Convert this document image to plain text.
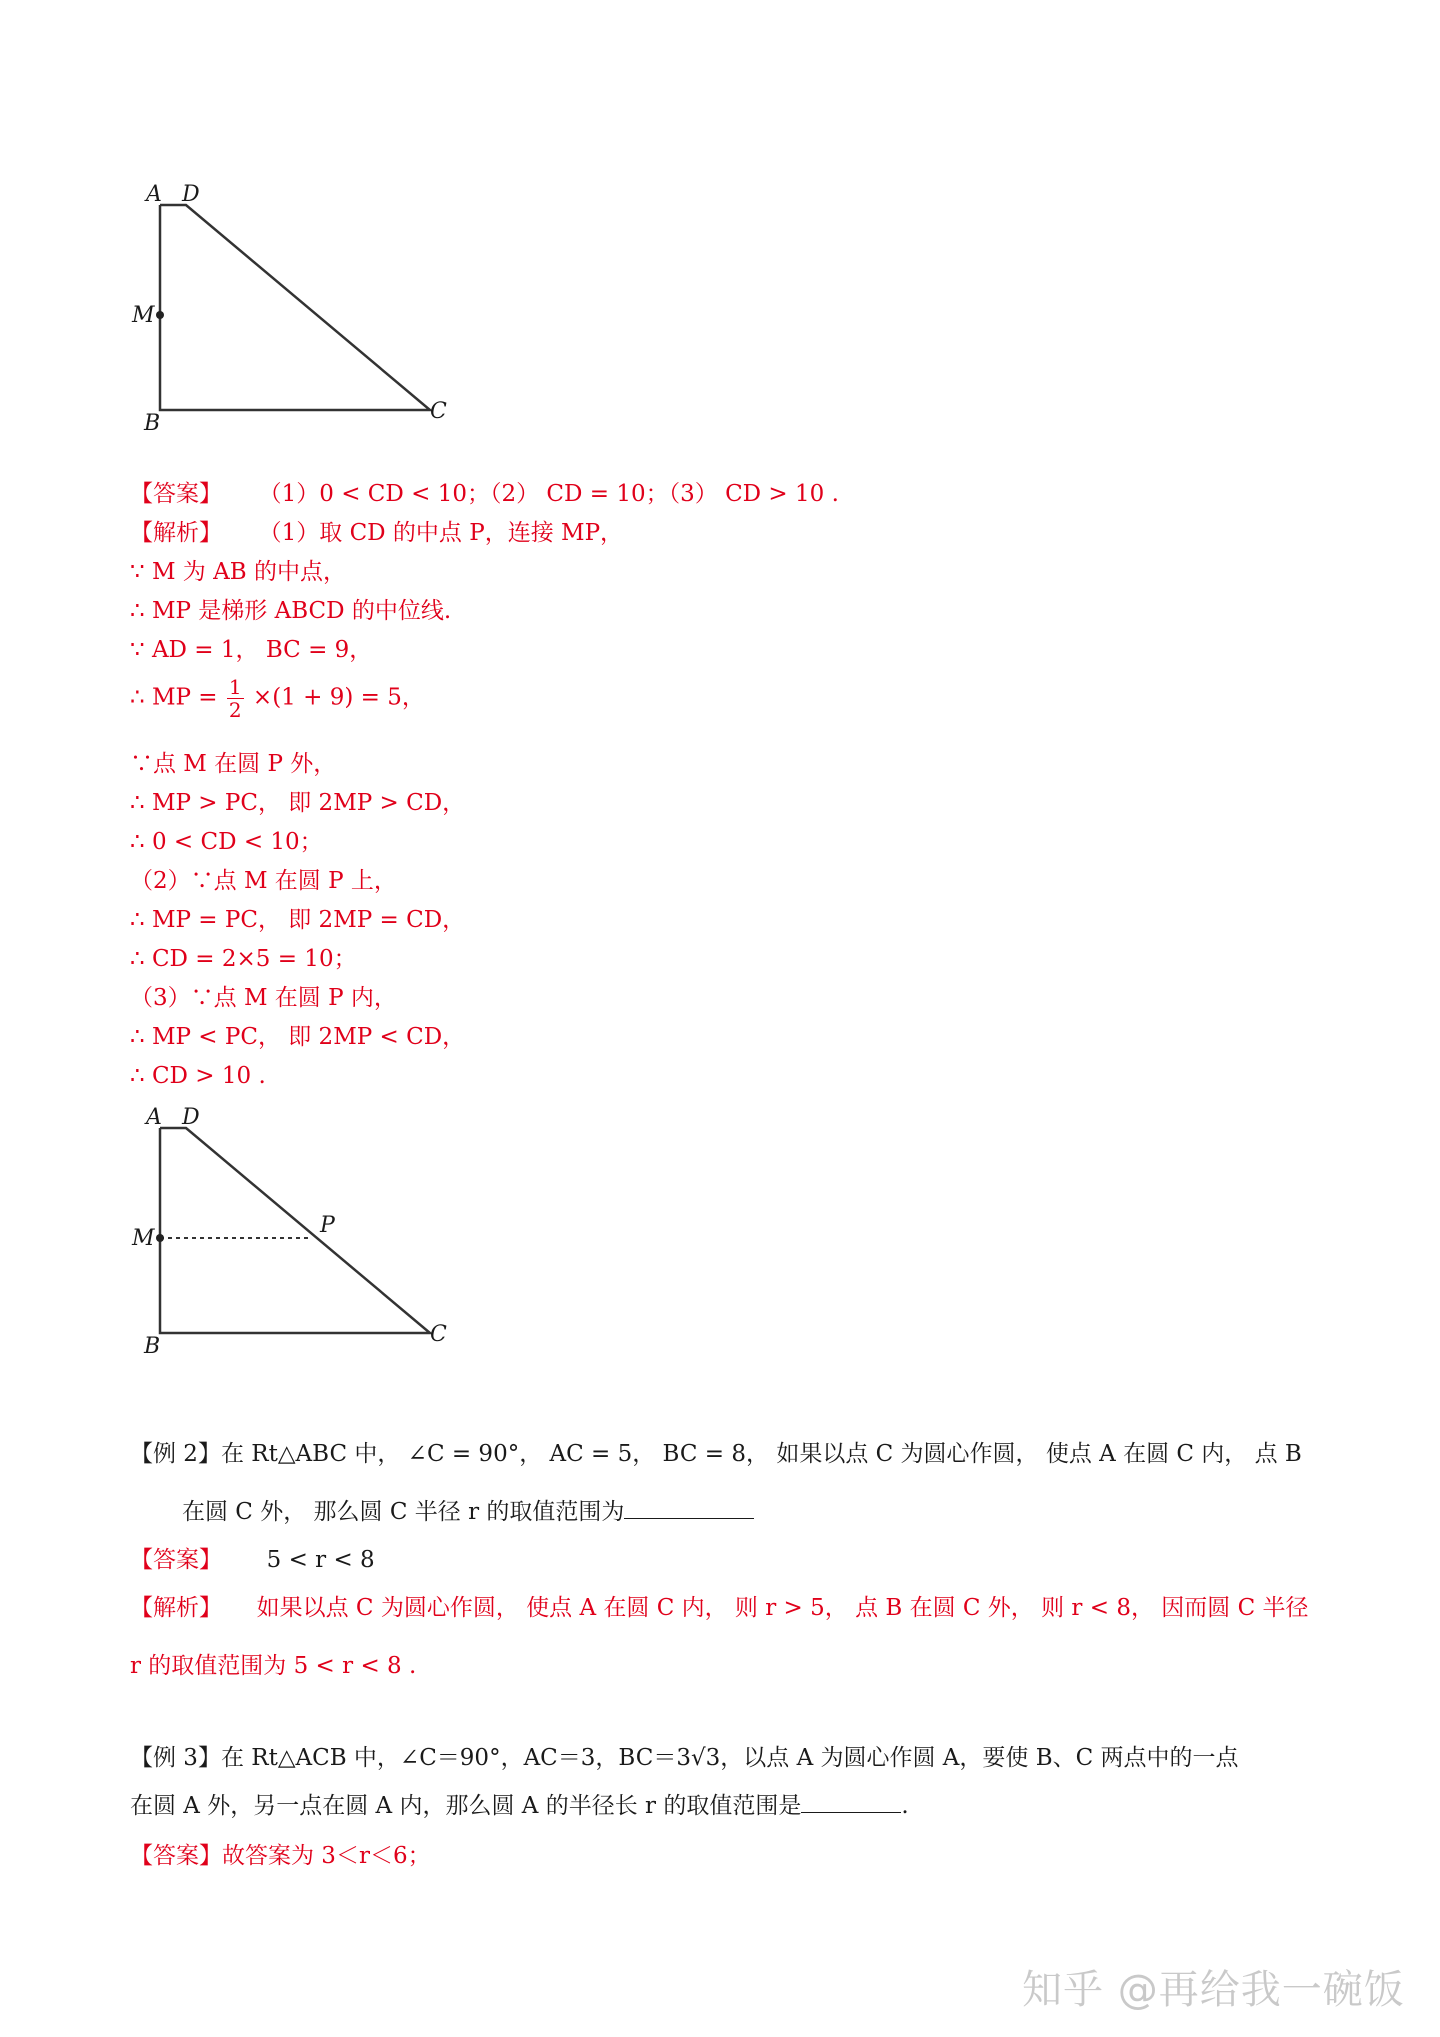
A D
M
B	C
【答案】 （1）0 < CD < 10；（2） CD = 10；（3） CD > 10 .
【解析】 （1）取 CD 的中点 P，连接 MP，
∵ M 为 AB 的中点，
∴ MP 是梯形 ABCD 的中位线.
∵ AD = 1， BC = 9，
∴ MP = $\frac{1}{2} \times(1 + 9) = 5$，
∵点 M 在圆 P 外，
∴ MP > PC， 即 2MP > CD，
∴ 0 < CD < 10；
（2）∵点 M 在圆 P 上，
∴ MP = PC， 即 2MP = CD，
∴ CD = 2×5 = 10；
（3）∵点 M 在圆 P 内，
∴ MP < PC， 即 2MP < CD，
∴ CD > 10 .
A D
M
P
B	C
【例 2】在 Rt△ABC 中， ∠C = 90°， AC = 5， BC = 8， 如果以点 C 为圆心作圆， 使点 A 在圆 C 内， 点 B
在圆 C 外， 那么圆 C 半径 r 的取值范围为
【答案】 5 < r < 8
【解析】 如果以点 C 为圆心作圆， 使点 A 在圆 C 内， 则 r > 5， 点 B 在圆 C 外， 则 r < 8， 因而圆 C 半径
r 的取值范围为 5 < r < 8 .
【例 3】在 Rt△ACB 中，∠C＝90°，AC＝3，BC＝3√3，以点 A 为圆心作圆 A，要使 B、C 两点中的一点
在圆 A 外，另一点在圆 A 内，那么圆 A 的半径长 r 的取值范围是	.
【答案】故答案为 3＜r＜6；
知乎 @再给我一碗饭
